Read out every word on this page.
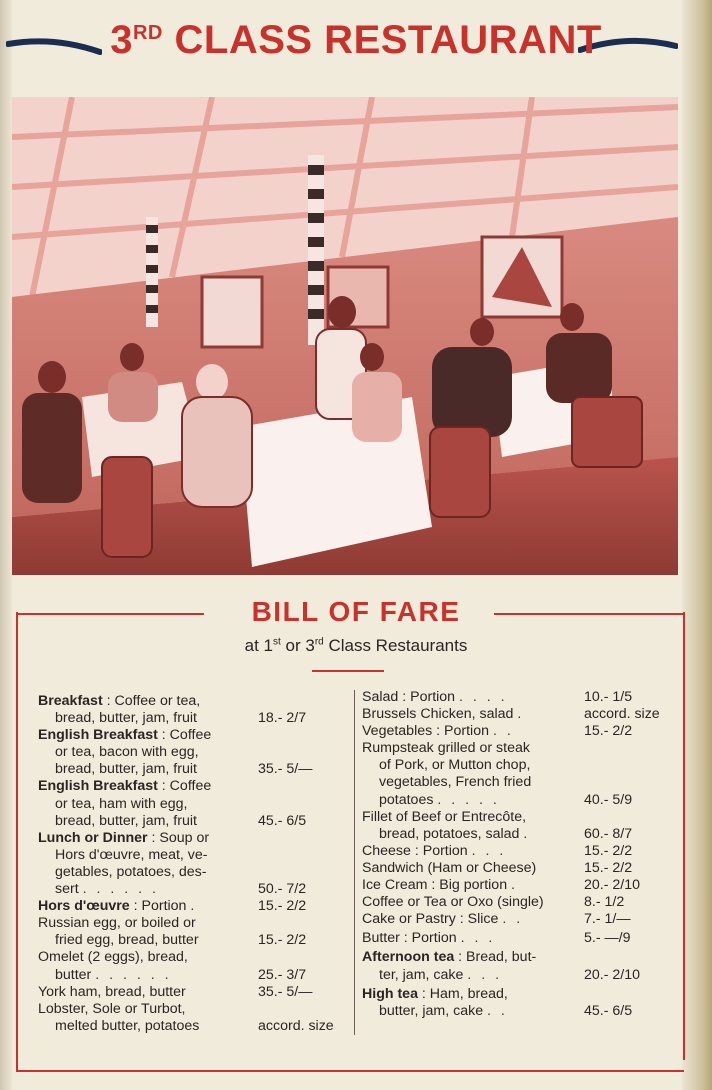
3RD CLASS RESTAURANT
BILL OF FARE
at 1st or 3rd Class Restaurants
Breakfast : Coffee or tea,
bread, butter, jam, fruit	18.- 2/7
English Breakfast : Coffee
or tea, bacon with egg,
bread, butter, jam, fruit	35.- 5/—
English Breakfast : Coffee
or tea, ham with egg,
bread, butter, jam, fruit	45.- 6/5
Lunch or Dinner : Soup or
Hors d'œuvre, meat, ve-
getables, potatoes, des-
sert . . . . . .	50.- 7/2
Hors d'œuvre : Portion .	15.- 2/2
Russian egg, or boiled or
fried egg, bread, butter	15.- 2/2
Omelet (2 eggs), bread,
butter . . . . . .	25.- 3/7
York ham, bread, butter	35.- 5/—
Lobster, Sole or Turbot,
melted butter, potatoes	accord. size
Salad : Portion . . . .	10.- 1/5
Brussels Chicken, salad .	accord. size
Vegetables : Portion . .	15.- 2/2
Rumpsteak grilled or steak
of Pork, or Mutton chop,
vegetables, French fried
potatoes . . . . .	40.- 5/9
Fillet of Beef or Entrecôte,
bread, potatoes, salad .	60.- 8/7
Cheese : Portion . . .	15.- 2/2
Sandwich (Ham or Cheese)	15.- 2/2
Ice Cream : Big portion .	20.- 2/10
Coffee or Tea or Oxo (single)	8.- 1/2
Cake or Pastry : Slice . .	7.- 1/—
Butter : Portion . . .	5.- —/9
Afternoon tea : Bread, but-
ter, jam, cake . . .	20.- 2/10
High tea : Ham, bread,
butter, jam, cake . .	45.- 6/5
